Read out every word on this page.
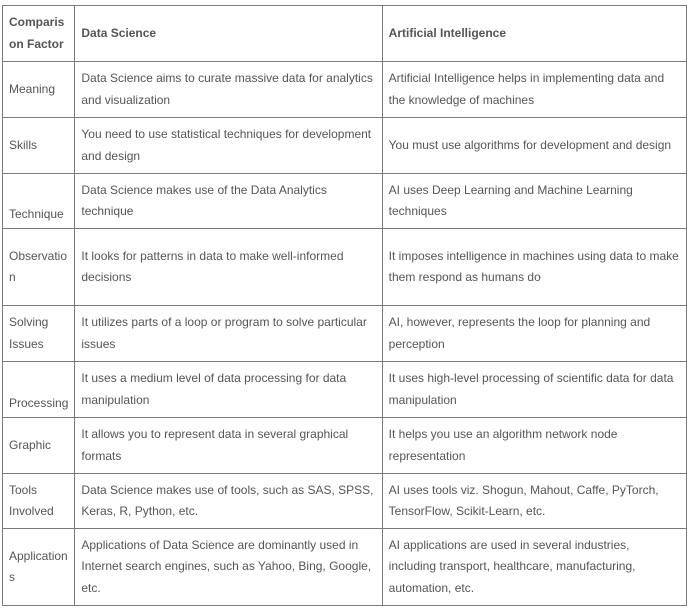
Comparison Factor	Data Science	Artificial Intelligence
Meaning	Data Science aims to curate massive data for analytics and visualization	Artificial Intelligence helps in implementing data and the knowledge of machines
Skills	You need to use statistical techniques for development and design	You must use algorithms for development and design
Technique	Data Science makes use of the Data Analytics technique	AI uses Deep Learning and Machine Learning techniques
Observation	It looks for patterns in data to make well-informed decisions	It imposes intelligence in machines using data to make them respond as humans do
Solving Issues	It utilizes parts of a loop or program to solve particular issues	AI, however, represents the loop for planning and perception
Processing	It uses a medium level of data processing for data manipulation	It uses high-level processing of scientific data for data manipulation
Graphic	It allows you to represent data in several graphical formats	It helps you use an algorithm network node representation
Tools Involved	Data Science makes use of tools, such as SAS, SPSS, Keras, R, Python, etc.	AI uses tools viz. Shogun, Mahout, Caffe, PyTorch, TensorFlow, Scikit-Learn, etc.
Applications	Applications of Data Science are dominantly used in Internet search engines, such as Yahoo, Bing, Google, etc.	AI applications are used in several industries, including transport, healthcare, manufacturing, automation, etc.
